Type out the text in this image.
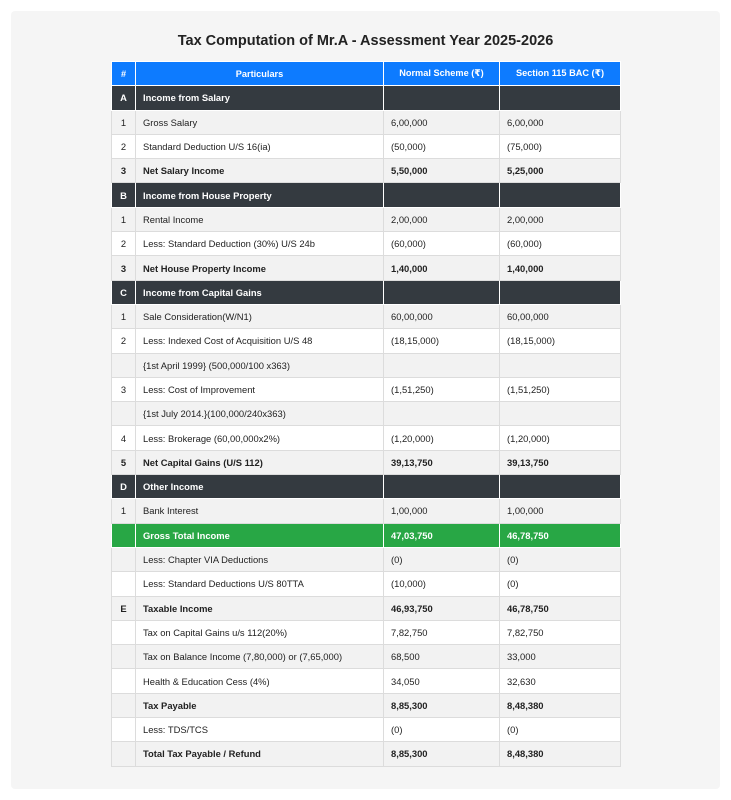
Tax Computation of Mr.A - Assessment Year 2025-2026
#	Particulars	Normal Scheme (₹)	Section 115 BAC (₹)
A	Income from Salary		
1	Gross Salary	6,00,000	6,00,000
2	Standard Deduction U/S 16(ia)	(50,000)	(75,000)
3	Net Salary Income	5,50,000	5,25,000
B	Income from House Property		
1	Rental Income	2,00,000	2,00,000
2	Less: Standard Deduction (30%) U/S 24b	(60,000)	(60,000)
3	Net House Property Income	1,40,000	1,40,000
C	Income from Capital Gains		
1	Sale Consideration(W/N1)	60,00,000	60,00,000
2	Less: Indexed Cost of Acquisition U/S 48	(18,15,000)	(18,15,000)
	{1st April 1999} (500,000/100 x363)		
3	Less: Cost of Improvement	(1,51,250)	(1,51,250)
	{1st July 2014.}(100,000/240x363)		
4	Less: Brokerage (60,00,000x2%)	(1,20,000)	(1,20,000)
5	Net Capital Gains (U/S 112)	39,13,750	39,13,750
D	Other Income		
1	Bank Interest	1,00,000	1,00,000
	Gross Total Income	47,03,750	46,78,750
	Less: Chapter VIA Deductions	(0)	(0)
	Less: Standard Deductions U/S 80TTA	(10,000)	(0)
E	Taxable Income	46,93,750	46,78,750
	Tax on Capital Gains u/s 112(20%)	7,82,750	7,82,750
	Tax on Balance Income (7,80,000) or (7,65,000)	68,500	33,000
	Health & Education Cess (4%)	34,050	32,630
	Tax Payable	8,85,300	8,48,380
	Less: TDS/TCS	(0)	(0)
	Total Tax Payable / Refund	8,85,300	8,48,380
